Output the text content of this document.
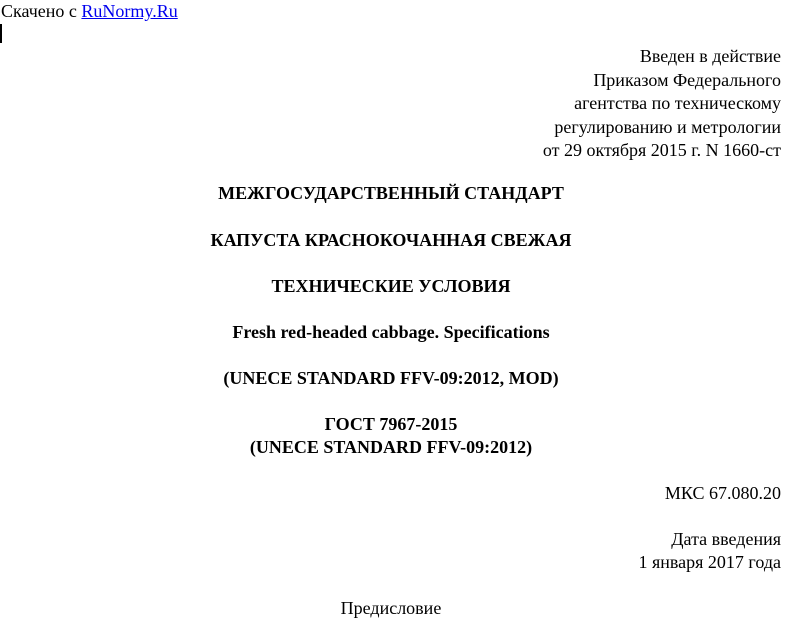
Скачено с RuNormy.Ru
Введен в действие
Приказом Федерального
агентства по техническому
регулированию и метрологии
от 29 октября 2015 г. N 1660-ст
МЕЖГОСУДАРСТВЕННЫЙ СТАНДАРТ
КАПУСТА КРАСНОКОЧАННАЯ СВЕЖАЯ
ТЕХНИЧЕСКИЕ УСЛОВИЯ
Fresh red-headed cabbage. Specifications
(UNECE STANDARD FFV-09:2012, MOD)
ГОСТ 7967-2015
(UNECE STANDARD FFV-09:2012)
МКС 67.080.20
Дата введения
1 января 2017 года
Предисловие
